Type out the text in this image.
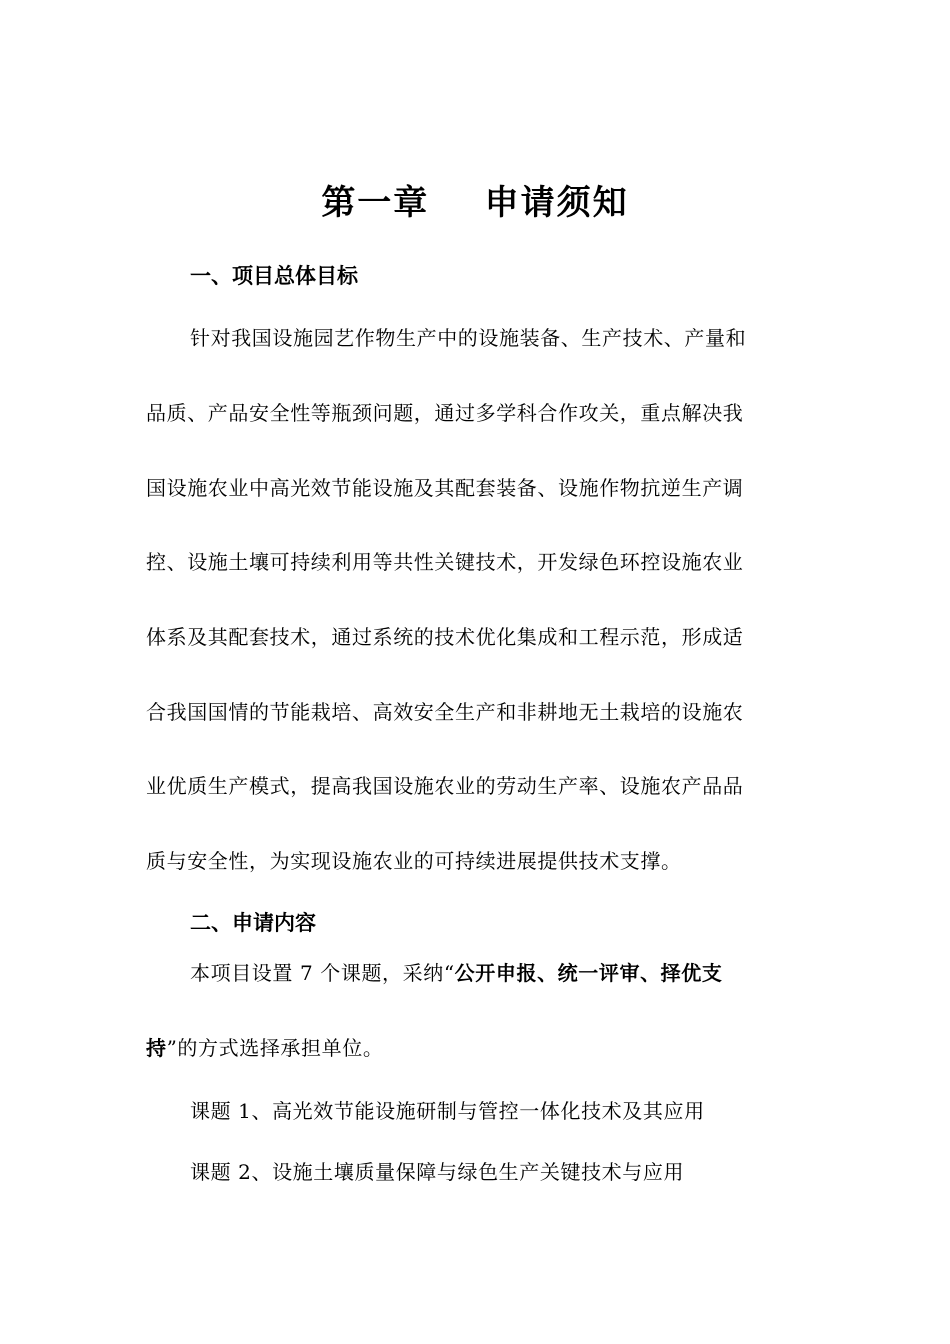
第一章    申请须知
一、项目总体目标
针对我国设施园艺作物生产中的设施装备、生产技术、产量和
品质、产品安全性等瓶颈问题，通过多学科合作攻关，重点解决我
国设施农业中高光效节能设施及其配套装备、设施作物抗逆生产调
控、设施土壤可持续利用等共性关键技术，开发绿色环控设施农业
体系及其配套技术，通过系统的技术优化集成和工程示范，形成适
合我国国情的节能栽培、高效安全生产和非耕地无土栽培的设施农
业优质生产模式，提高我国设施农业的劳动生产率、设施农产品品
质与安全性，为实现设施农业的可持续进展提供技术支撑。
二、申请内容
本项目设置 7 个课题，采纳“公开申报、统一评审、择优支
持”的方式选择承担单位。
课题 1、高光效节能设施研制与管控一体化技术及其应用
课题 2、设施土壤质量保障与绿色生产关键技术与应用
